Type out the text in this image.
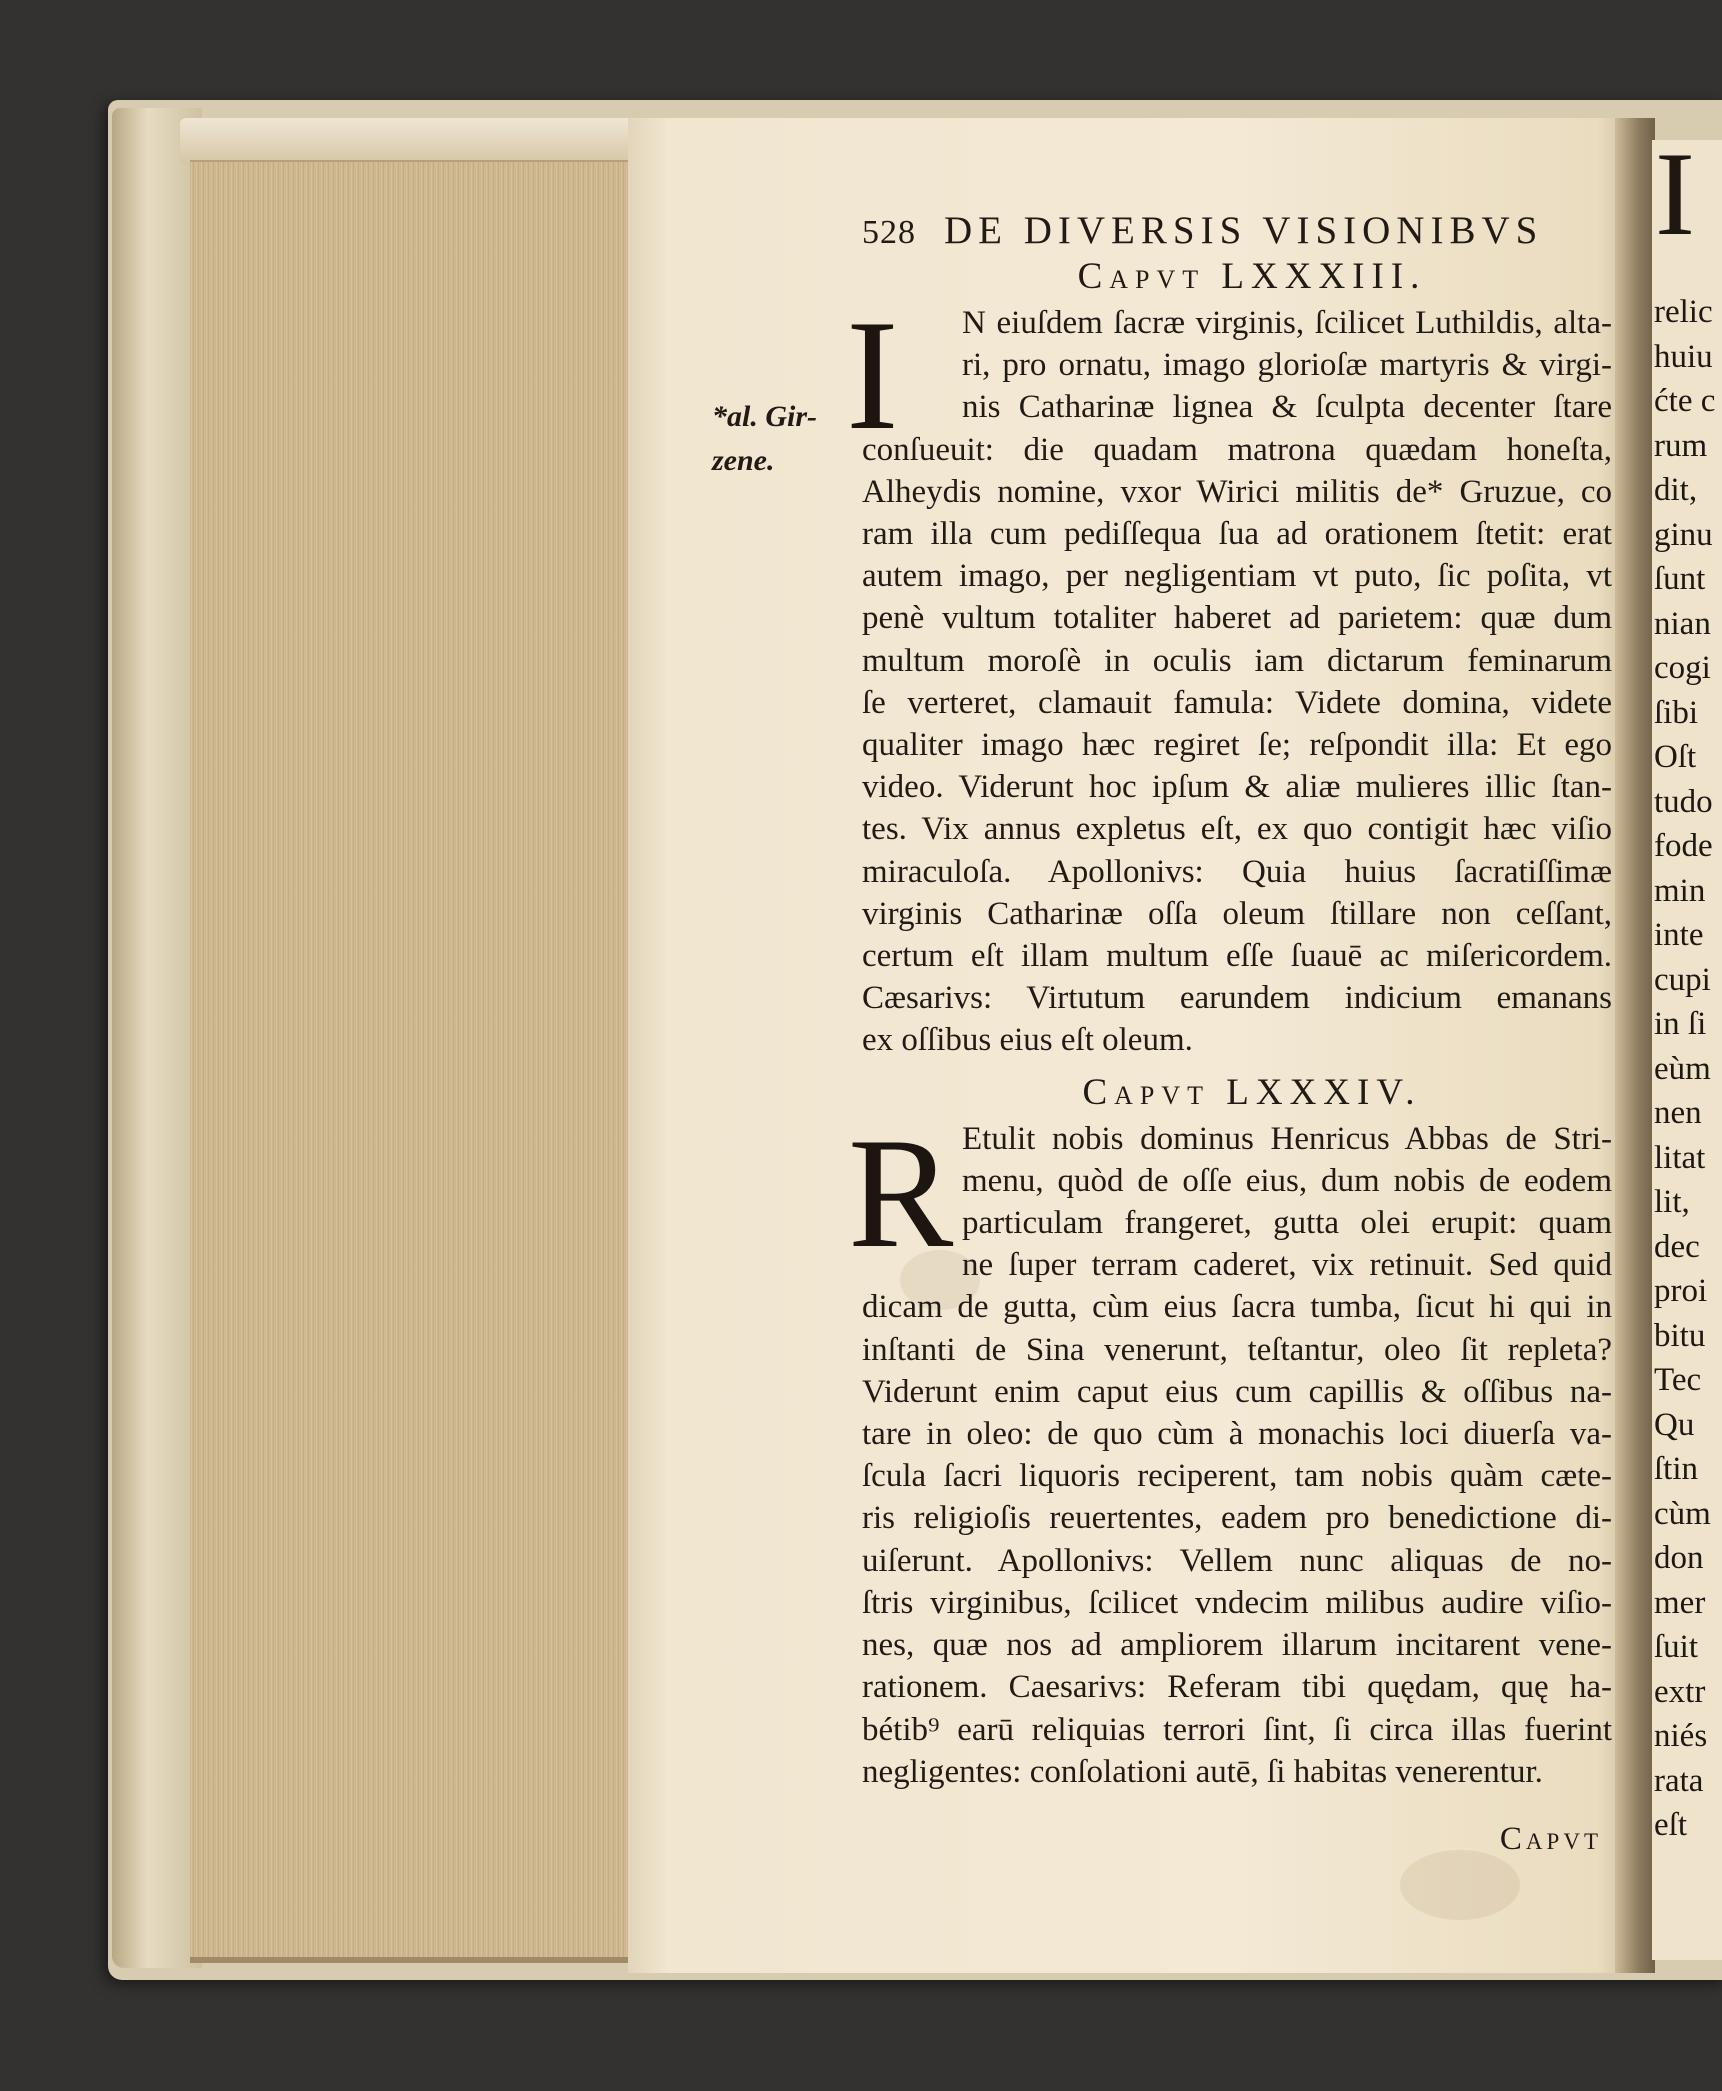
I
relic
huiu
ćte c
rum
dit,
ginu
ſunt
nian
cogi
ſibi
Oſt
tudo
fode
min
inte
cupi
in ſi
eùm
nen
litat
lit,
dec
proi
bitu
Tec
Qu
ſtin
cùm
don
mer
ſuit
extr
niés
rata
eſt
*al. Gir-
zene.
528 DE DIVERSIS VISIONIBVS
Capvt LXXXIII.
I	N eiuſdem ſacræ virginis, ſcilicet Luthildis, alta-
ri, pro ornatu, imago glorioſæ martyris & virgi-
nis Catharinæ lignea & ſculpta decenter ſtare
conſueuit: die quadam matrona quædam honeſta,
Alheydis nomine, vxor Wirici militis de* Gruzue, co
ram illa cum pediſſequa ſua ad orationem ſtetit: erat
autem imago, per negligentiam vt puto, ſic poſita, vt
penè vultum totaliter haberet ad parietem: quæ dum
multum moroſè in oculis iam dictarum feminarum
ſe verteret, clamauit famula: Videte domina, videte
qualiter imago hæc regiret ſe; reſpondit illa: Et ego
video. Viderunt hoc ipſum & aliæ mulieres illic ſtan-
tes. Vix annus expletus eſt, ex quo contigit hæc viſio
miraculoſa. Apollonivs: Quia huius ſacratiſſimæ
virginis Catharinæ oſſa oleum ſtillare non ceſſant,
certum eſt illam multum eſſe ſuauē ac miſericordem.
Cæsarivs: Virtutum earundem indicium emanans
ex oſſibus eius eſt oleum.
Capvt LXXXIV.
R Etulit nobis dominus Henricus Abbas de Stri-
menu, quòd de oſſe eius, dum nobis de eodem
particulam frangeret, gutta olei erupit: quam
ne ſuper terram caderet, vix retinuit. Sed quid
dicam de gutta, cùm eius ſacra tumba, ſicut hi qui in
inſtanti de Sina venerunt, teſtantur, oleo ſit repleta?
Viderunt enim caput eius cum capillis & oſſibus na-
tare in oleo: de quo cùm à monachis loci diuerſa va-
ſcula ſacri liquoris reciperent, tam nobis quàm cæte-
ris religioſis reuertentes, eadem pro benedictione di-
uiſerunt. Apollonivs: Vellem nunc aliquas de no-
ſtris virginibus, ſcilicet vndecim milibus audire viſio-
nes, quæ nos ad ampliorem illarum incitarent vene-
rationem. Caesarivs: Referam tibi quędam, quę ha-
bétib⁹ earū reliquias terrori ſint, ſi circa illas fuerint
negligentes: conſolationi autē, ſi habitas venerentur.
Capvt
